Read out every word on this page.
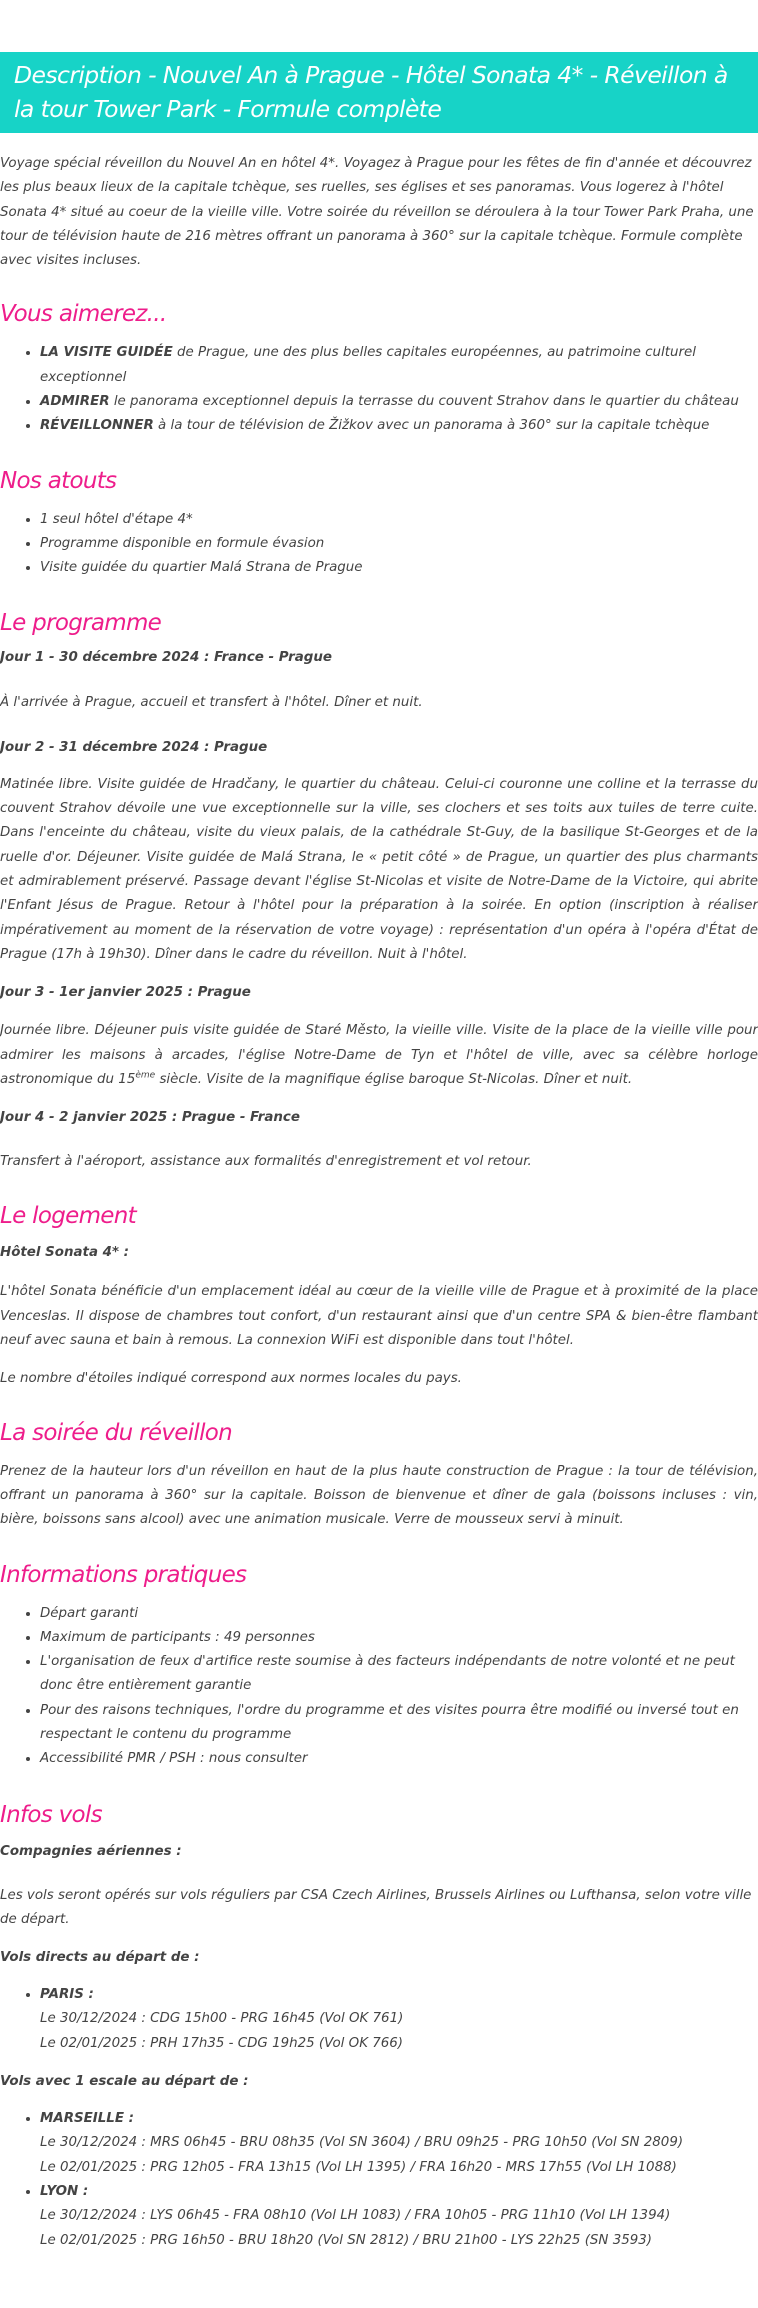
Description - Nouvel An à Prague - Hôtel Sonata 4* - Réveillon à la tour Tower Park - Formule complète

Voyage spécial réveillon du Nouvel An en hôtel 4*. Voyagez à Prague pour les fêtes de fin d'année et découvrez les plus beaux lieux de la capitale tchèque, ses ruelles, ses églises et ses panoramas. Vous logerez à l'hôtel Sonata 4* situé au coeur de la vieille ville. Votre soirée du réveillon se déroulera à la tour Tower Park Praha, une tour de télévision haute de 216 mètres offrant un panorama à 360° sur la capitale tchèque. Formule complète avec visites incluses.

Vous aimerez...
• LA VISITE GUIDÉE de Prague, une des plus belles capitales européennes, au patrimoine culturel exceptionnel
• ADMIRER le panorama exceptionnel depuis la terrasse du couvent Strahov dans le quartier du château
• RÉVEILLONNER à la tour de télévision de Žižkov avec un panorama à 360° sur la capitale tchèque
Nos atouts
• 1 seul hôtel d'étape 4*
• Programme disponible en formule évasion
• Visite guidée du quartier Malá Strana de Prague
Le programme

Jour 1 - 30 décembre 2024 : France - Prague

À l'arrivée à Prague, accueil et transfert à l'hôtel. Dîner et nuit.

Jour 2 - 31 décembre 2024 : Prague

Matinée libre. Visite guidée de Hradčany, le quartier du château. Celui-ci couronne une colline et la terrasse du couvent Strahov dévoile une vue exceptionnelle sur la ville, ses clochers et ses toits aux tuiles de terre cuite. Dans l'enceinte du château, visite du vieux palais, de la cathédrale St-Guy, de la basilique St-Georges et de la ruelle d'or. Déjeuner. Visite guidée de Malá Strana, le « petit côté » de Prague, un quartier des plus charmants et admirablement préservé. Passage devant l'église St-Nicolas et visite de Notre-Dame de la Victoire, qui abrite l'Enfant Jésus de Prague. Retour à l'hôtel pour la préparation à la soirée. En option (inscription à réaliser impérativement au moment de la réservation de votre voyage) : représentation d'un opéra à l'opéra d'État de Prague (17h à 19h30). Dîner dans le cadre du réveillon. Nuit à l'hôtel.

Jour 3 - 1er janvier 2025 : Prague

Journée libre. Déjeuner puis visite guidée de Staré Město, la vieille ville. Visite de la place de la vieille ville pour admirer les maisons à arcades, l'église Notre-Dame de Tyn et l'hôtel de ville, avec sa célèbre horloge astronomique du 15ème siècle. Visite de la magnifique église baroque St-Nicolas. Dîner et nuit.

Jour 4 - 2 janvier 2025 : Prague - France

Transfert à l'aéroport, assistance aux formalités d'enregistrement et vol retour.

Le logement

Hôtel Sonata 4* :

L'hôtel Sonata bénéficie d'un emplacement idéal au cœur de la vieille ville de Prague et à proximité de la place Venceslas. Il dispose de chambres tout confort, d'un restaurant ainsi que d'un centre SPA & bien-être flambant neuf avec sauna et bain à remous. La connexion WiFi est disponible dans tout l'hôtel.

Le nombre d'étoiles indiqué correspond aux normes locales du pays.

La soirée du réveillon

Prenez de la hauteur lors d'un réveillon en haut de la plus haute construction de Prague : la tour de télévision, offrant un panorama à 360° sur la capitale. Boisson de bienvenue et dîner de gala (boissons incluses : vin, bière, boissons sans alcool) avec une animation musicale. Verre de mousseux servi à minuit.

Informations pratiques
• Départ garanti
• Maximum de participants : 49 personnes
• L'organisation de feux d'artifice reste soumise à des facteurs indépendants de notre volonté et ne peut donc être entièrement garantie
• Pour des raisons techniques, l'ordre du programme et des visites pourra être modifié ou inversé tout en respectant le contenu du programme
• Accessibilité PMR / PSH : nous consulter
Infos vols

Compagnies aériennes :

Les vols seront opérés sur vols réguliers par CSA Czech Airlines, Brussels Airlines ou Lufthansa, selon votre ville de départ.

Vols directs au départ de :

• PARIS :
Le 30/12/2024 : CDG 15h00 - PRG 16h45 (Vol OK 761)
Le 02/01/2025 : PRH 17h35 - CDG 19h25 (Vol OK 766)

Vols avec 1 escale au départ de :

• MARSEILLE :
Le 30/12/2024 : MRS 06h45 - BRU 08h35 (Vol SN 3604) / BRU 09h25 - PRG 10h50 (Vol SN 2809)
Le 02/01/2025 : PRG 12h05 - FRA 13h15 (Vol LH 1395) / FRA 16h20 - MRS 17h55 (Vol LH 1088)
• LYON :
Le 30/12/2024 : LYS 06h45 - FRA 08h10 (Vol LH 1083) / FRA 10h05 - PRG 11h10 (Vol LH 1394)
Le 02/01/2025 : PRG 16h50 - BRU 18h20 (Vol SN 2812) / BRU 21h00 - LYS 22h25 (SN 3593)
